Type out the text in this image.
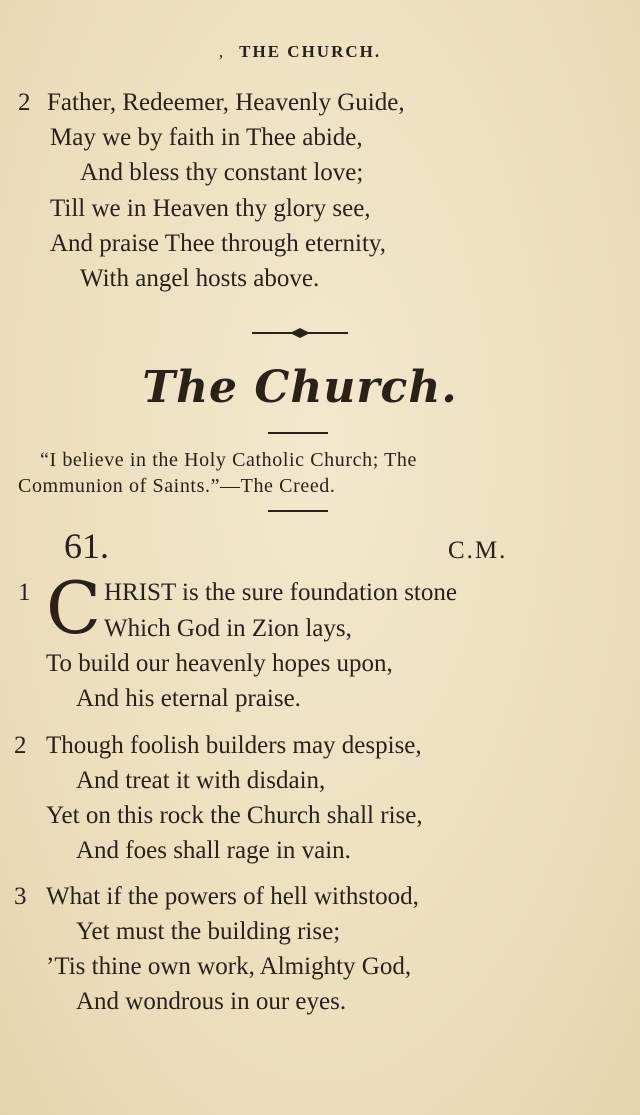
, THE CHURCH.
2 Father, Redeemer, Heavenly Guide,
May we by faith in Thee abide,
And bless thy constant love;
Till we in Heaven thy glory see,
And praise Thee through eternity,
With angel hosts above.
The Church.
“I believe in the Holy Catholic Church; The
Communion of Saints.”—The Creed.
61.	C.M.
1 C HRIST is the sure foundation stone
Which God in Zion lays,
To build our heavenly hopes upon,
And his eternal praise.
2 Though foolish builders may despise,
And treat it with disdain,
Yet on this rock the Church shall rise,
And foes shall rage in vain.
3 What if the powers of hell withstood,
Yet must the building rise;
’Tis thine own work, Almighty God,
And wondrous in our eyes.
